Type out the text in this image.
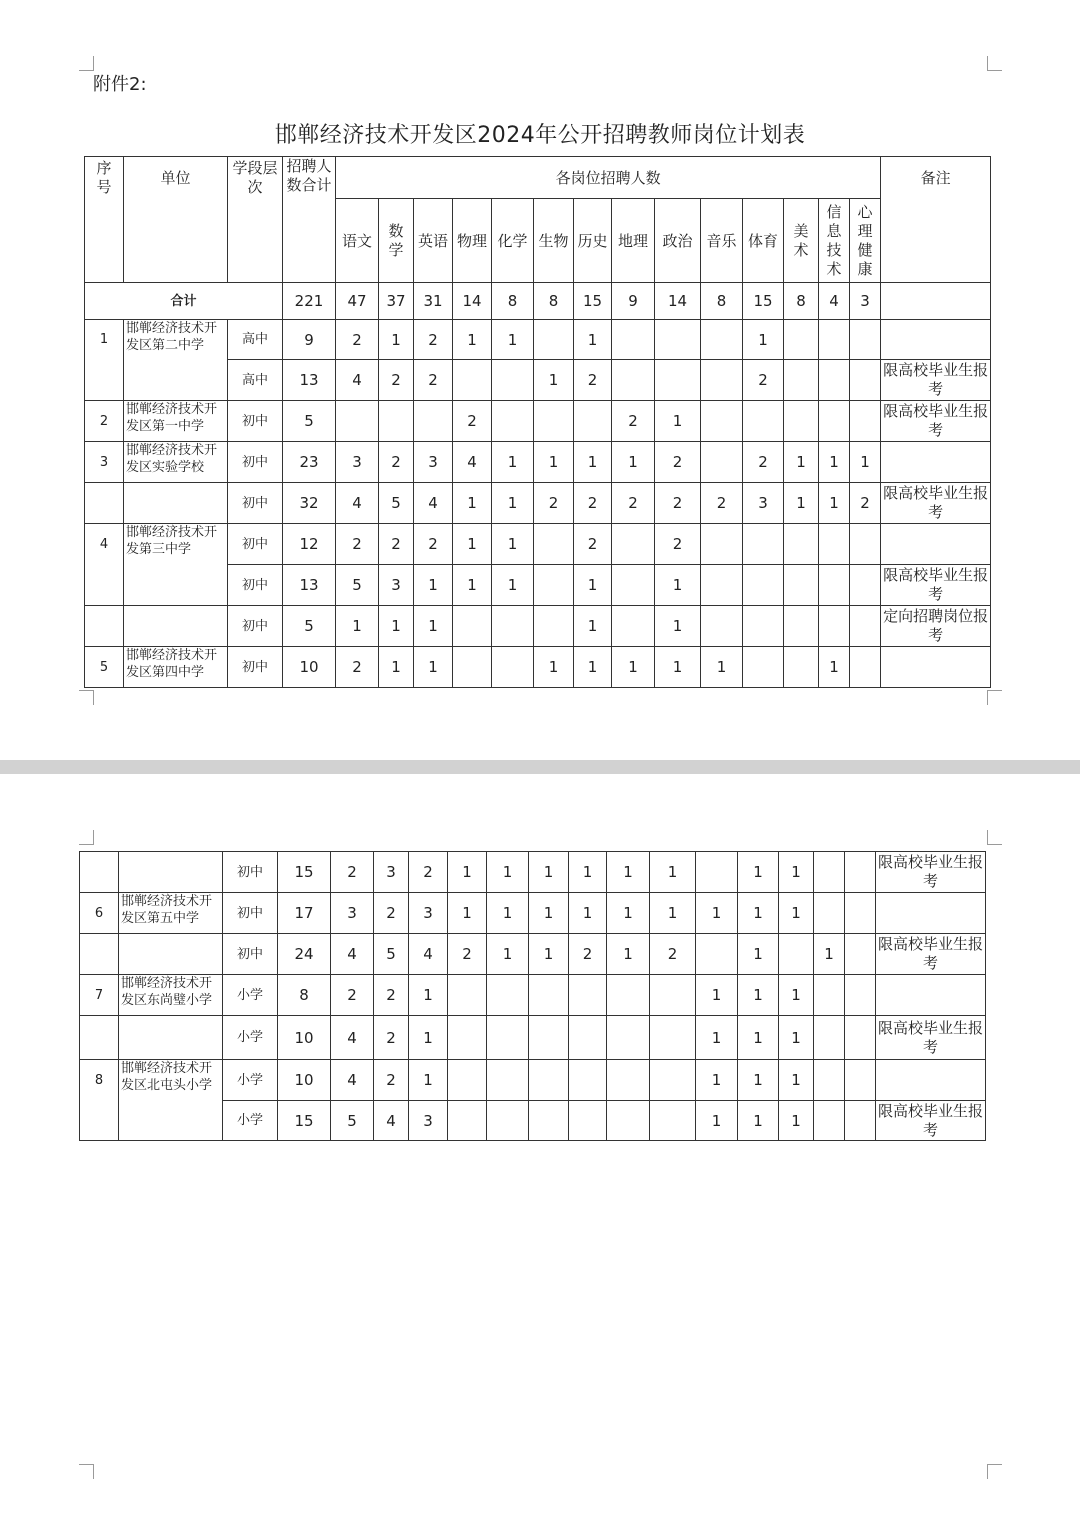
附件2:
邯郸经济技术开发区2024年公开招聘教师岗位计划表
序号	单位	学段层次	招聘人数合计	各岗位招聘人数														备注
				语文	数学	英语	物理	化学	生物	历史	地理	政治	音乐	体育	美术	信息技术	心理健康	
合计			221	47	37	31	14	8	8	15	9	14	8	15	8	4	3	
1	邯郸经济技术开发区第二中学	高中	9	2	1	2	1	1		1				1				
		高中	13	4	2	2			1	2				2				限高校毕业生报考
2	邯郸经济技术开发区第一中学	初中	5				2				2	1						限高校毕业生报考
3	邯郸经济技术开发区实验学校	初中	23	3	2	3	4	1	1	1	1	2		2	1	1	1	
		初中	32	4	5	4	1	1	2	2	2	2	2	3	1	1	2	限高校毕业生报考
4	邯郸经济技术开发第三中学	初中	12	2	2	2	1	1		2		2						
		初中	13	5	3	1	1	1		1		1						限高校毕业生报考
		初中	5	1	1	1				1		1						定向招聘岗位报考
5	邯郸经济技术开发区第四中学	初中	10	2	1	1			1	1	1	1	1			1		
		初中	15	2	3	2	1	1	1	1	1	1		1	1			限高校毕业生报考
6	邯郸经济技术开发区第五中学	初中	17	3	2	3	1	1	1	1	1	1	1	1	1			
		初中	24	4	5	4	2	1	1	2	1	2		1		1		限高校毕业生报考
7	邯郸经济技术开发区东尚璧小学	小学	8	2	2	1							1	1	1			
		小学	10	4	2	1							1	1	1			限高校毕业生报考
8	邯郸经济技术开发区北屯头小学	小学	10	4	2	1							1	1	1			
		小学	15	5	4	3							1	1	1			限高校毕业生报考
